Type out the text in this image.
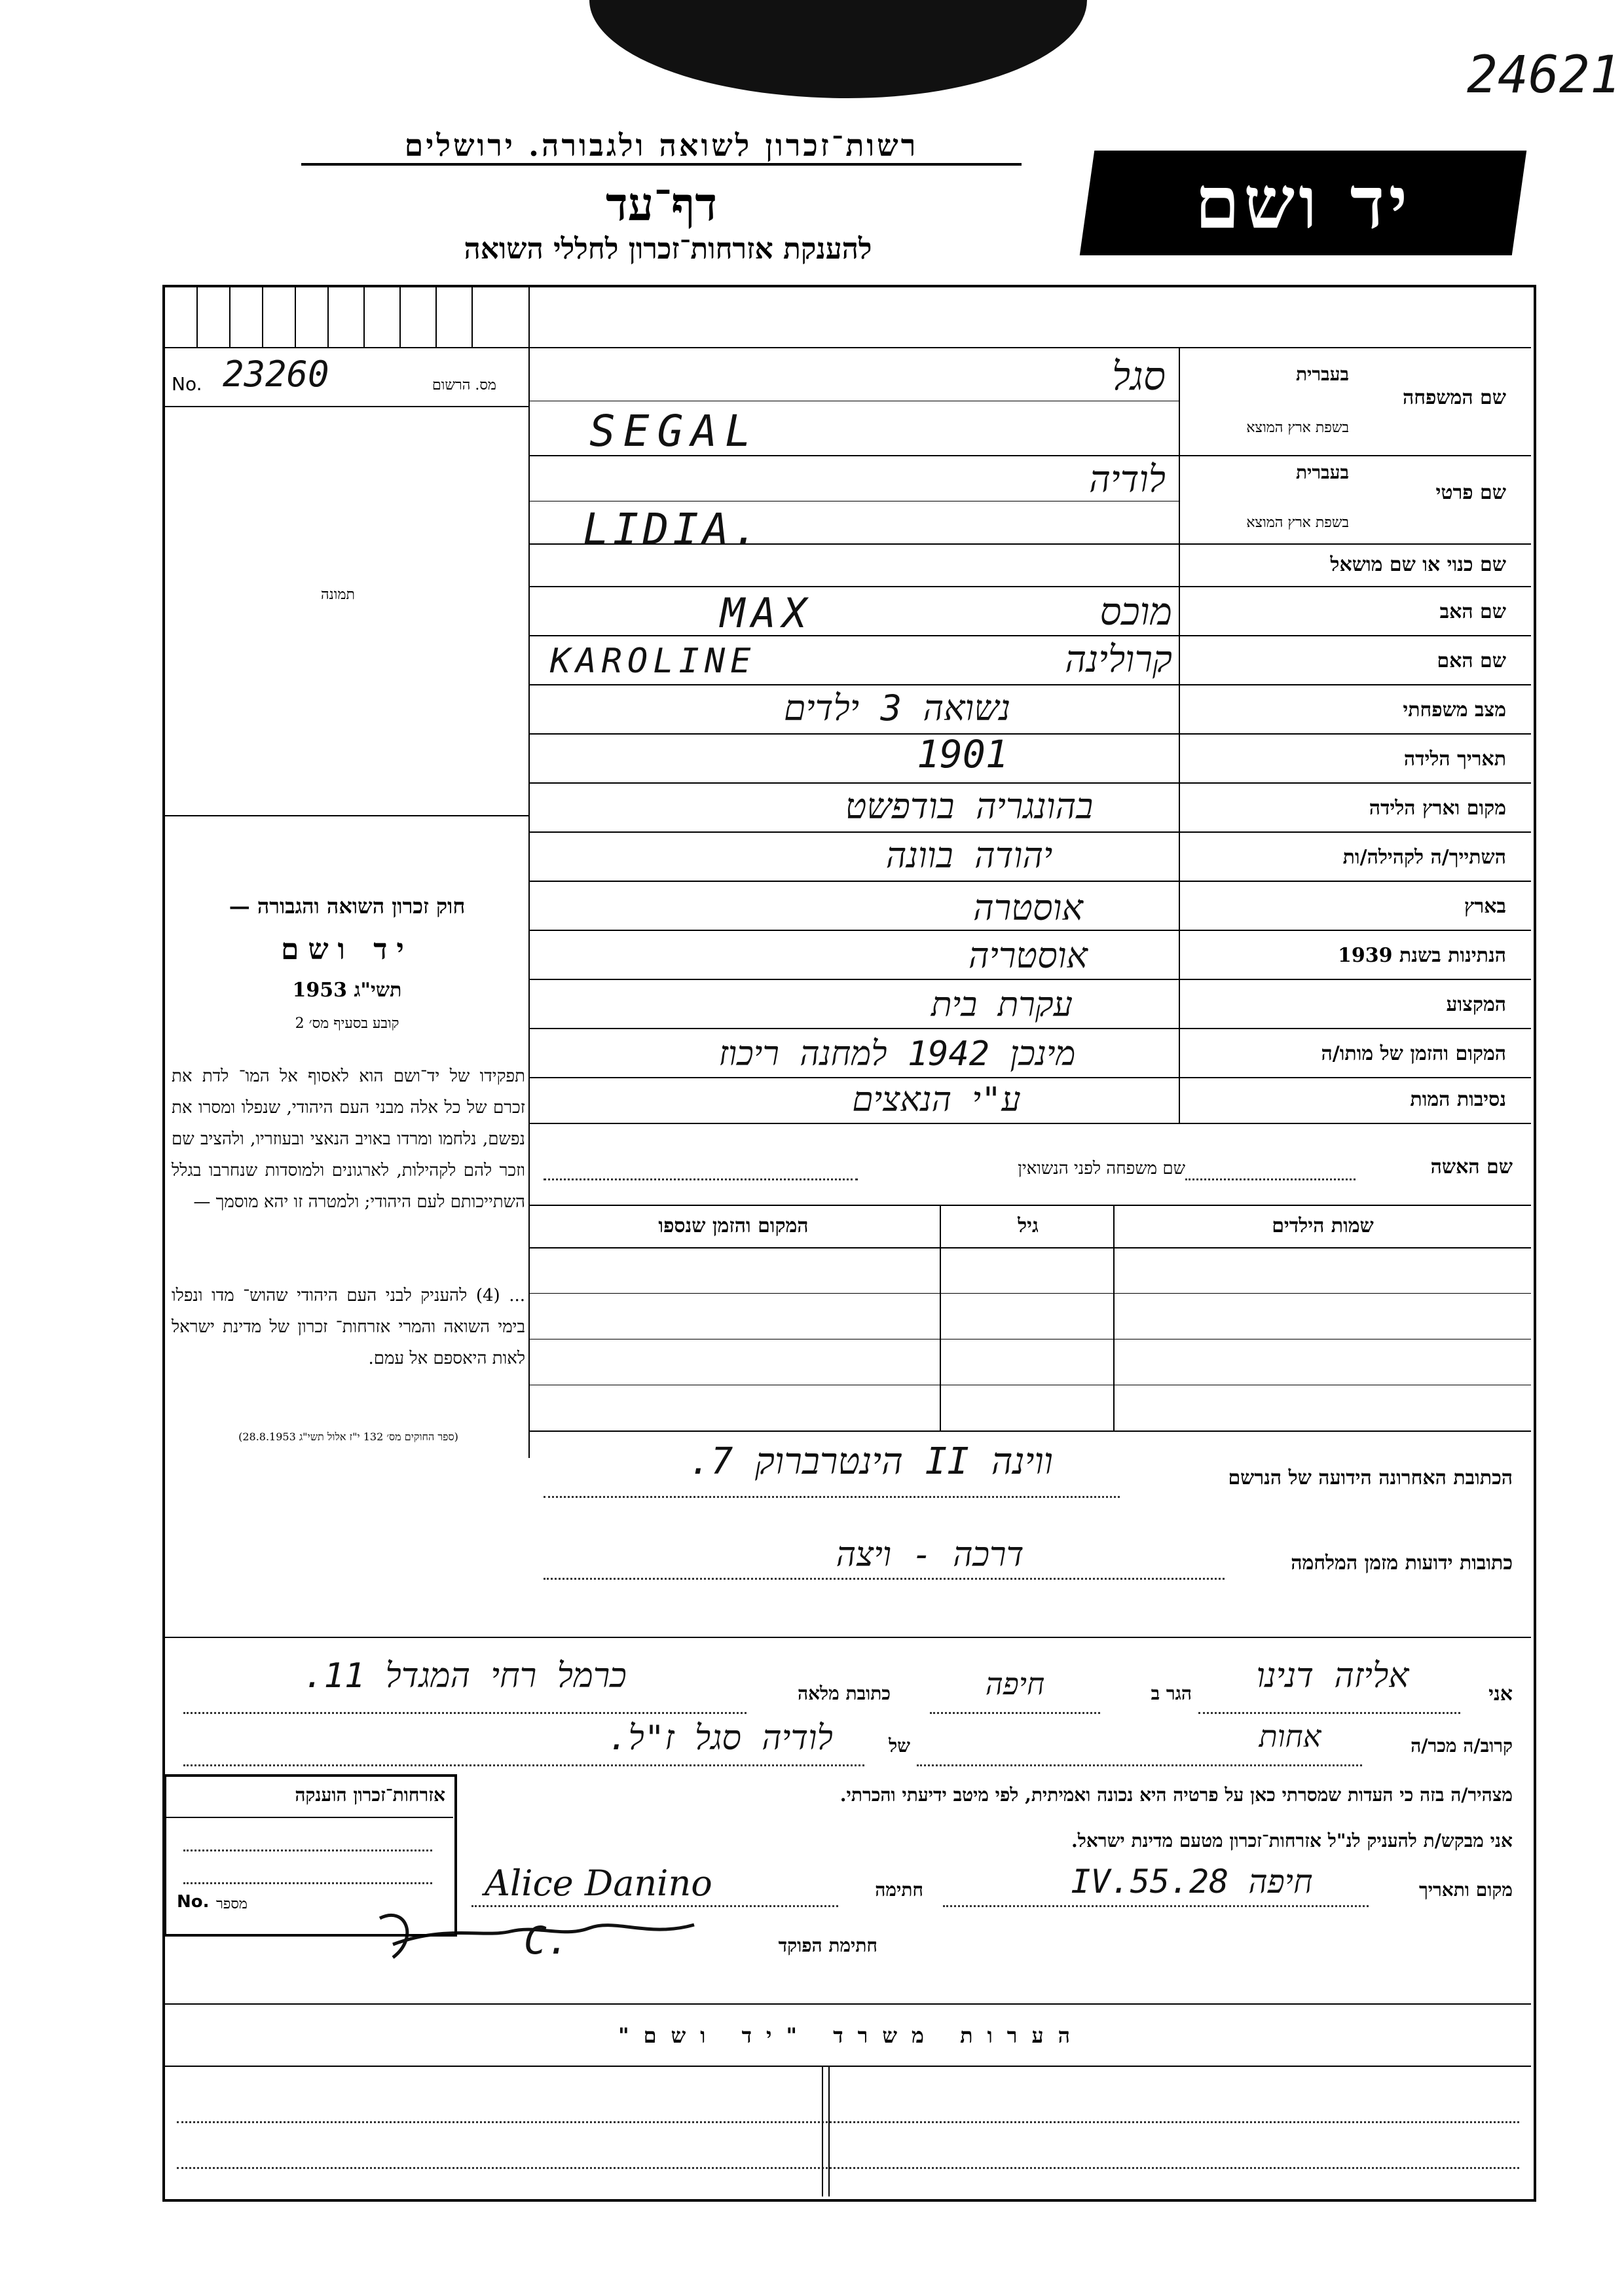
24621
רשות־זכרון לשואה ולגבורה. ירושלים
דף־עד
להענקת אזרחות־זכרון לחללי השואה
יד ושם
No. 23260	מס. הרשום
תמונה
חוק זכרון השואה והגבורה —
יד ושם
תשי"ג 1953
קובע בסעיף מס׳ 2
תפקידו של יד־ושם הוא לאסוף אל המו־ לדת את זכרם של כל אלה מבני העם היהודי, שנפלו ומסרו את נפשם, נלחמו ומרדו באויב הנאצי ובעוזריו, ולהציב שם וזכר להם לקהילות, לארגונים ולמוסדות שנחרבו בגלל השתייכותם לעם היהודי; ולמטרה זו יהא מוסמך —
... (4) להעניק לבני העם היהודי שהוש־ מדו ונפלו בימי השואה והמרי אזרחות־ זכרון של מדינת ישראל לאות היאספם אל עמם.
(ספר החוקים מס׳ 132 י"ז אלול תשי"ג 28.8.1953)
שם המשפחה
בעברית
בשפת ארץ המוצא
שם פרטי
בעברית
בשפת ארץ המוצא
שם כנוי או שם מושאל
שם האב
שם האם
מצב משפחתי
תאריך הלידה
מקום וארץ הלידה
השתייך/ה לקהילה/ות
בארץ
הנתינות בשנת 1939
המקצוע
המקום והזמן של מותו/ה
נסיבות המות
סגל
SEGAL
לודיה
LIDIA.
מוכס
MAX
קרולינה
KAROLINE
נשואה 3 ילדים
1901
בהונגריה בודפשט
יהודה בוונה
אוסטרה
אוסטריה
עקרת בית
מינכן 1942 למחנה ריכוז
ע"י הנאצים
שם האשה
שם משפחה לפני הנשואין
שמות הילדים
גיל
המקום והזמן שנספו
הכתובת האחרונה הידועה של הנרשם
ווינה II הינטרברוק 7.
כתובות ידועות מזמן המלחמה
דרכה - ויצה
אני
אליזה דנינו
הגר ב
חיפה
כתובת מלאה
כרמל רחי המגדל 11.
קרוב/ה מכר/ה
אחות
של
לודיה סגל ז"ל.
מצהיר/ה בזה כי העדות שמסרתי כאן על פרטיה היא נכונה ואמיתית, לפי מיטב ידיעתי והכרתי.
אני מבקש/ת להעניק לנ"ל אזרחות־זכרון מטעם מדינת ישראל.
מקום ותאריך
חיפה 28.IV.55
חתימה
Alice Danino
חתימת הפוקד
C.
אזרחות־זכרון הוענקה
No. מספר
הערות משרד "יד ושם"
